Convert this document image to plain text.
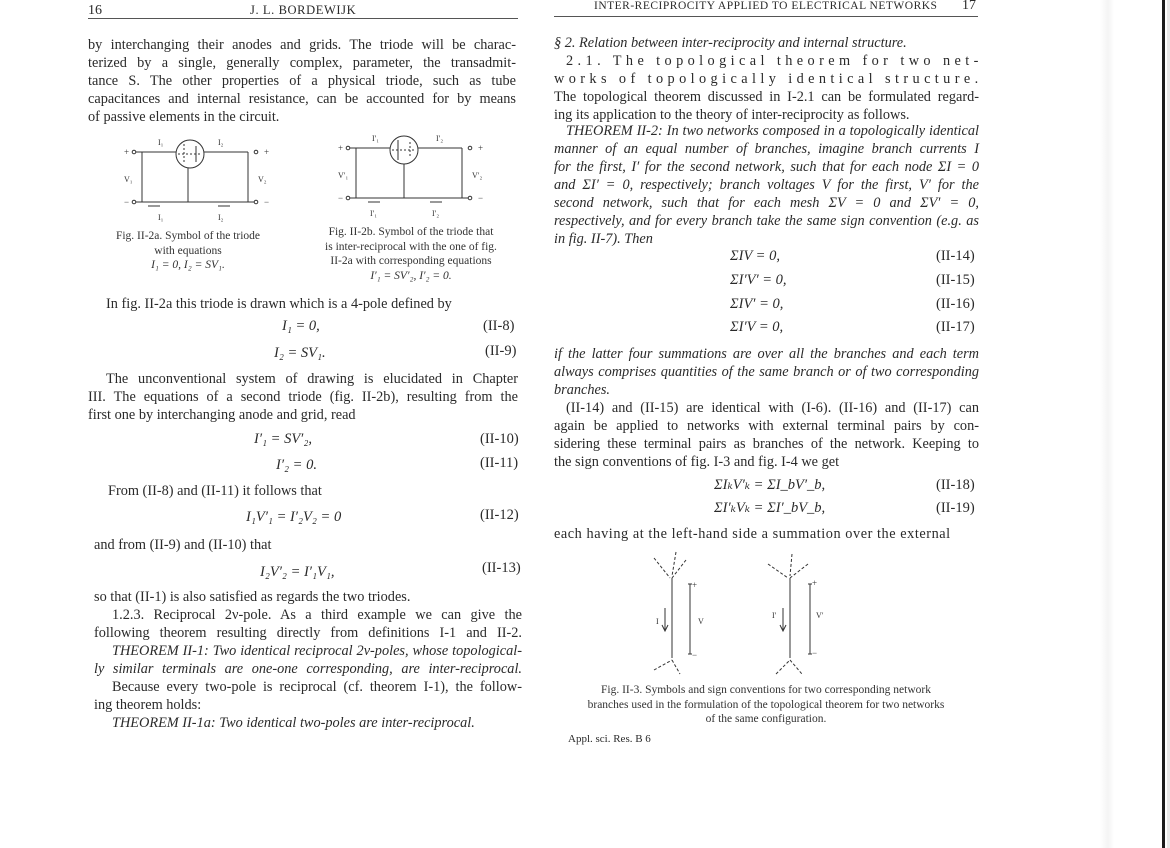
16	J. L. BORDEWIJK
by interchanging their anodes and grids. The triode will be charac-
terized by a single, generally complex, parameter, the transadmit-
tance S. The other properties of a physical triode, such as tube
capacitances and internal resistance, can be accounted for by means
of passive elements in the circuit.
I₁	I₂
+	+
V₁	V₂
−	−
I₁	I₂
Fig. II-2a. Symbol of the triode
with equations
I₁ = 0, I₂ = SV₁.
I′₁	I′₂
+	+
V′₁	V′₂
−	−
I′₁	I′₂
Fig. II-2b. Symbol of the triode that
is inter-reciprocal with the one of fig.
II-2a with corresponding equations
I′₁ = SV′₂, I′₂ = 0.
In fig. II-2a this triode is drawn which is a 4-pole defined by
I₁ = 0,	(II-8)
I₂ = SV₁.	(II-9)
The unconventional system of drawing is elucidated in Chapter
III. The equations of a second triode (fig. II-2b), resulting from the
first one by interchanging anode and grid, read
I′₁ = SV′₂,	(II-10)
I′₂ = 0.	(II-11)
From (II-8) and (II-11) it follows that
I₁V′₁ = I′₂V₂ = 0	(II-12)
and from (II-9) and (II-10) that
I₂V′₂ = I′₁V₁,	(II-13)
so that (II-1) is also satisfied as regards the two triodes.
1.2.3. Reciprocal 2ν-pole. As a third example we can give the
following theorem resulting directly from definitions I-1 and II-2.
THEOREM II-1: Two identical reciprocal 2ν-poles, whose topological-
ly similar terminals are one-one corresponding, are inter-reciprocal.
Because every two-pole is reciprocal (cf. theorem I-1), the follow-
ing theorem holds:
THEOREM II-1a: Two identical two-poles are inter-reciprocal.
INTER-RECIPROCITY APPLIED TO ELECTRICAL NETWORKS 17
§ 2. Relation between inter-reciprocity and internal structure.
2.1. The topological theorem for two net-
works of topologically identical structure.
The topological theorem discussed in I-2.1 can be formulated regard-
ing its application to the theory of inter-reciprocity as follows.
THEOREM II-2: In two networks composed in a topologically identical
manner of an equal number of branches, imagine branch currents I
for the first, I′ for the second network, such that for each node ΣI = 0
and ΣI′ = 0, respectively; branch voltages V for the first, V′ for the
second network, such that for each mesh ΣV = 0 and ΣV′ = 0,
respectively, and for every branch take the same sign convention (e.g. as
in fig. II-7). Then
ΣIV = 0,	(II-14)
ΣI′V′ = 0,	(II-15)
ΣIV′ = 0,	(II-16)
ΣI′V = 0,	(II-17)
if the latter four summations are over all the branches and each term
always comprises quantities of the same branch or of two corresponding
branches.
(II-14) and (II-15) are identical with (I-6). (II-16) and (II-17) can
again be applied to networks with external terminal pairs by con-
sidering these terminal pairs as branches of the network. Keeping to
the sign conventions of fig. I-3 and fig. I-4 we get
ΣIₖV′ₖ = ΣI_bV′_b,	(II-18)
ΣI′ₖVₖ = ΣI′_bV_b,	(II-19)
each having at the left-hand side a summation over the external
I	V
+
−
I′	V′
+
−
Fig. II-3. Symbols and sign conventions for two corresponding network
branches used in the formulation of the topological theorem for two networks
of the same configuration.
Appl. sci. Res. B 6
